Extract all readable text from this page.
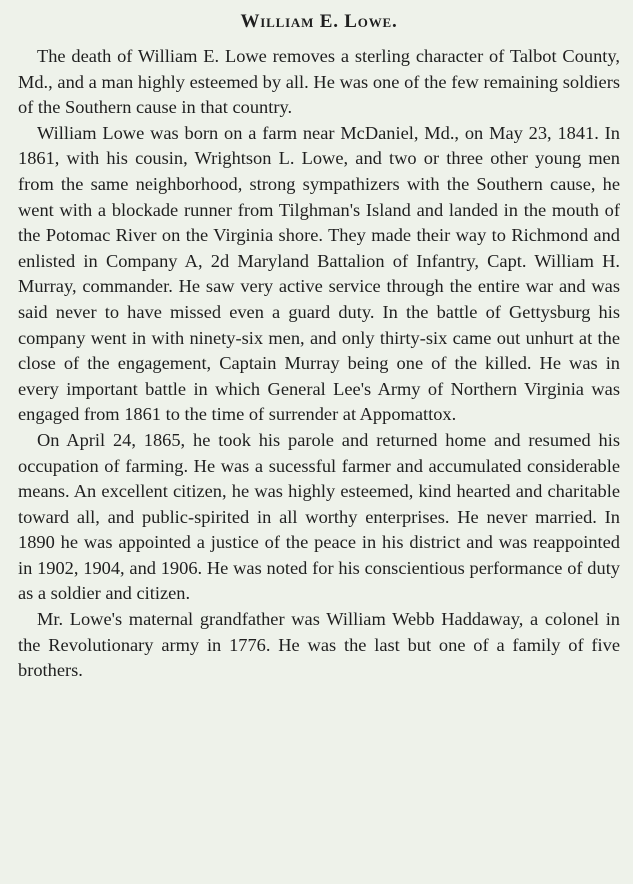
William E. Lowe.

The death of William E. Lowe removes a sterling character of Talbot County, Md., and a man highly esteemed by all. He was one of the few remaining soldiers of the Southern cause in that country.

William Lowe was born on a farm near McDaniel, Md., on May 23, 1841. In 1861, with his cousin, Wrightson L. Lowe, and two or three other young men from the same neighborhood, strong sympathizers with the Southern cause, he went with a blockade runner from Tilghman's Island and landed in the mouth of the Potomac River on the Virginia shore. They made their way to Richmond and enlisted in Company A, 2d Maryland Battalion of Infantry, Capt. William H. Murray, commander. He saw very active service through the entire war and was said never to have missed even a guard duty. In the battle of Gettysburg his company went in with ninety-six men, and only thirty-six came out unhurt at the close of the engagement, Captain Murray being one of the killed. He was in every important battle in which General Lee's Army of Northern Virginia was engaged from 1861 to the time of surrender at Appomattox.

On April 24, 1865, he took his parole and returned home and resumed his occupation of farming. He was a sucessful farmer and accumulated considerable means. An excellent citizen, he was highly esteemed, kind hearted and charitable toward all, and public-spirited in all worthy enterprises. He never married. In 1890 he was appointed a justice of the peace in his district and was reappointed in 1902, 1904, and 1906. He was noted for his conscientious performance of duty as a soldier and citizen.

Mr. Lowe's maternal grandfather was William Webb Haddaway, a colonel in the Revolutionary army in 1776. He was the last but one of a family of five brothers.
